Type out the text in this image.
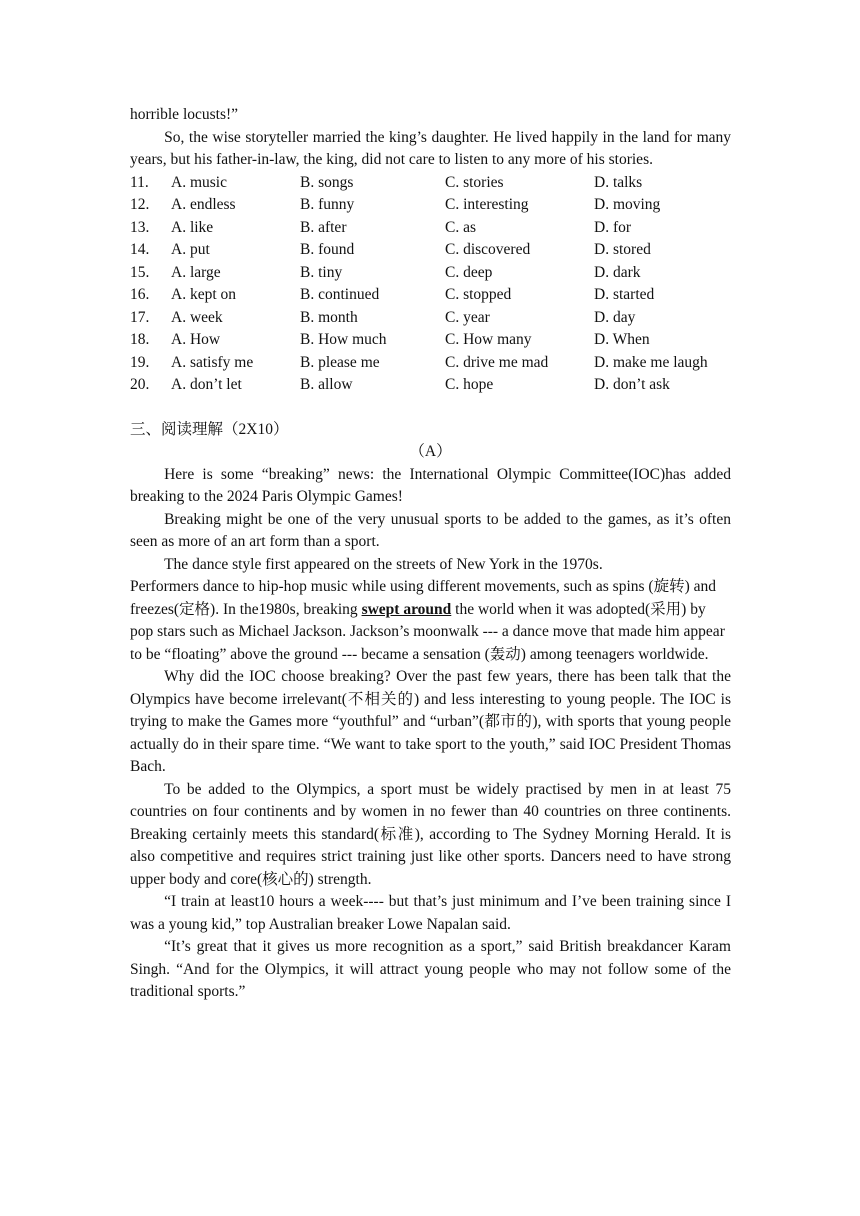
horrible locusts!”

So, the wise storyteller married the king’s daughter. He lived happily in the land for many years, but his father-in-law, the king, did not care to listen to any more of his stories.

11.	A. music	B. songs	C. stories	D. talks
12.	A. endless	B. funny	C. interesting	D. moving
13.	A. like	B. after	C. as	D. for
14.	A. put	B. found	C. discovered	D. stored
15.	A. large	B. tiny	C. deep	D. dark
16.	A. kept on	B. continued	C. stopped	D. started
17.	A. week	B. month	C. year	D. day
18.	A. How	B. How much	C. How many	D. When
19.	A. satisfy me	B. please me	C. drive me mad	D. make me laugh
20.	A. don’t let	B. allow	C. hope	D. don’t ask

三、阅读理解（2X10）

（A）

Here is some “breaking” news: the International Olympic Committee(IOC)has added breaking to the 2024 Paris Olympic Games!

Breaking might be one of the very unusual sports to be added to the games, as it’s often seen as more of an art form than a sport.

The dance style first appeared on the streets of New York in the 1970s.

Performers dance to hip-hop music while using different movements, such as spins (旋转) and freezes(定格). In the1980s, breaking swept around the world when it was adopted(采用) by pop stars such as Michael Jackson. Jackson’s moonwalk --- a dance move that made him appear to be “floating” above the ground --- became a sensation (轰动) among teenagers worldwide.

Why did the IOC choose breaking? Over the past few years, there has been talk that the Olympics have become irrelevant(不相关的) and less interesting to young people. The IOC is trying to make the Games more “youthful” and “urban”(都市的), with sports that young people actually do in their spare time. “We want to take sport to the youth,” said IOC President Thomas Bach.

To be added to the Olympics, a sport must be widely practised by men in at least 75 countries on four continents and by women in no fewer than 40 countries on three continents. Breaking certainly meets this standard(标准), according to The Sydney Morning Herald. It is also competitive and requires strict training just like other sports. Dancers need to have strong upper body and core(核心的) strength.

“I train at least10 hours a week---- but that’s just minimum and I’ve been training since I was a young kid,” top Australian breaker Lowe Napalan said.

“It’s great that it gives us more recognition as a sport,” said British breakdancer Karam Singh. “And for the Olympics, it will attract young people who may not follow some of the traditional sports.”
